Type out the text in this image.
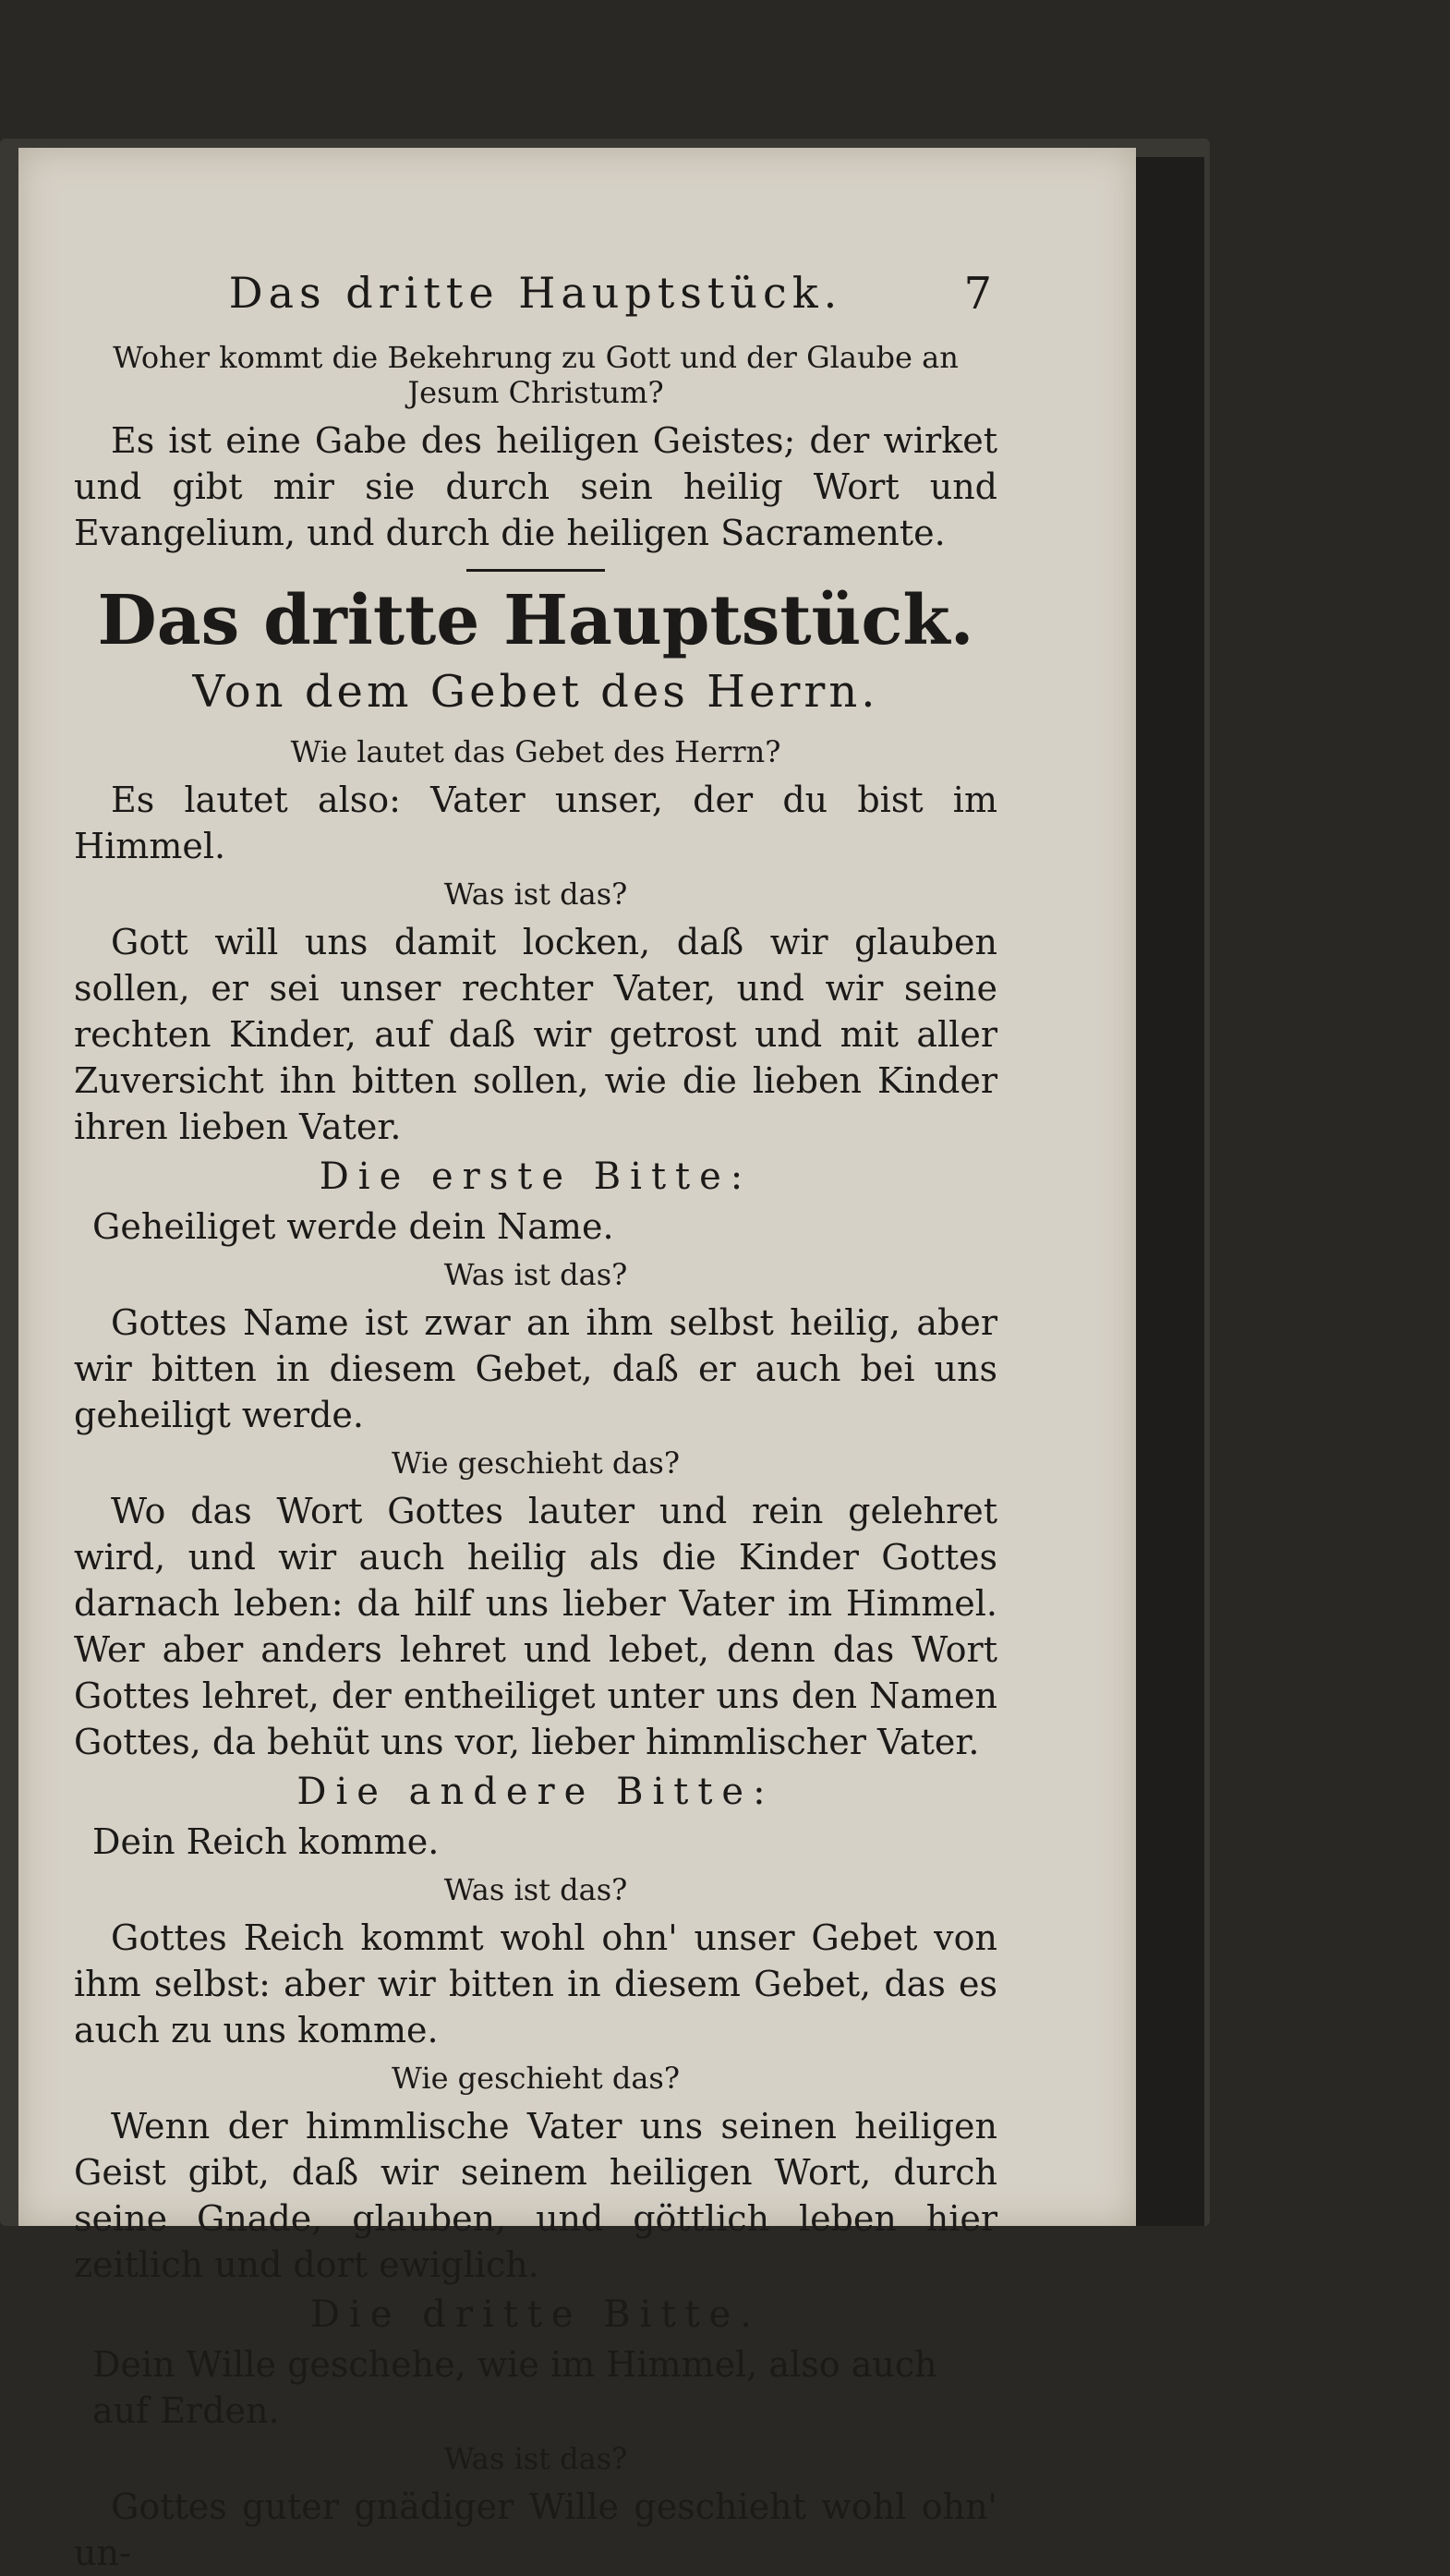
Das dritte Hauptstück.	7
Woher kommt die Bekehrung zu Gott und der Glaube an Jesum Christum?

Es ist eine Gabe des heiligen Geistes; der wirket und gibt mir sie durch sein heilig Wort und Evangelium, und durch die heiligen Sacramente.

Das dritte Hauptstück.
Von dem Gebet des Herrn.
Wie lautet das Gebet des Herrn?

Es lautet also: Vater unser, der du bist im Himmel.

Was ist das?

Gott will uns damit locken, daß wir glauben sollen, er sei unser rechter Vater, und wir seine rechten Kinder, auf daß wir getrost und mit aller Zuversicht ihn bitten sollen, wie die lieben Kinder ihren lieben Vater.

Die erste Bitte:

Geheiliget werde dein Name.

Was ist das?

Gottes Name ist zwar an ihm selbst heilig, aber wir bitten in diesem Gebet, daß er auch bei uns geheiligt werde.

Wie geschieht das?

Wo das Wort Gottes lauter und rein gelehret wird, und wir auch heilig als die Kinder Gottes darnach leben: da hilf uns lieber Vater im Himmel. Wer aber anders lehret und lebet, denn das Wort Gottes lehret, der entheiliget unter uns den Namen Gottes, da behüt uns vor, lieber himmlischer Vater.

Die andere Bitte:

Dein Reich komme.

Was ist das?

Gottes Reich kommt wohl ohn' unser Gebet von ihm selbst: aber wir bitten in diesem Gebet, das es auch zu uns komme.

Wie geschieht das?

Wenn der himmlische Vater uns seinen heiligen Geist gibt, daß wir seinem heiligen Wort, durch seine Gnade, glauben, und göttlich leben hier zeitlich und dort ewiglich.

Die dritte Bitte.

Dein Wille geschehe, wie im Himmel, also auch auf Erden.

Was ist das?

Gottes guter gnädiger Wille geschieht wohl ohn' un-
